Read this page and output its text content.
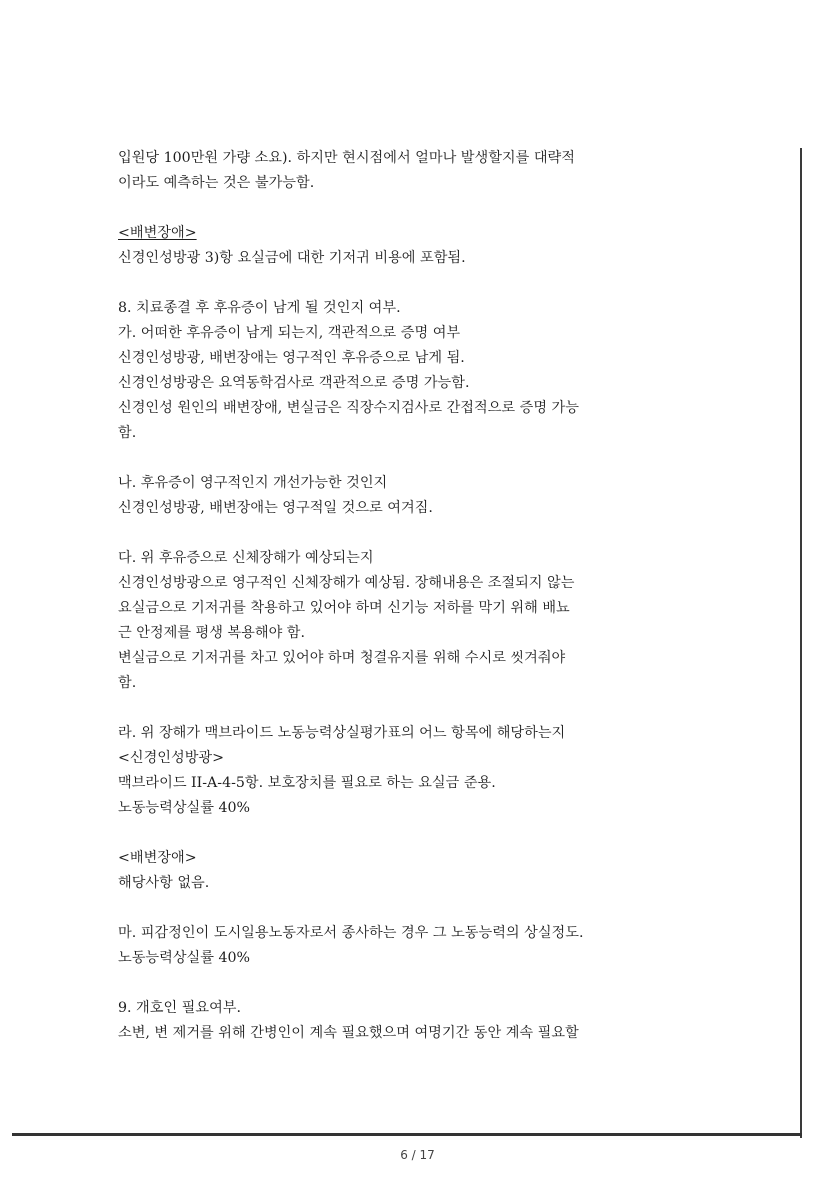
입원당 100만원 가량 소요). 하지만 현시점에서 얼마나 발생할지를 대략적

이라도 예측하는 것은 불가능함.

<배변장애>

신경인성방광 3)항 요실금에 대한 기저귀 비용에 포함됨.

8. 치료종결 후 후유증이 남게 될 것인지 여부.

가. 어떠한 후유증이 남게 되는지, 객관적으로 증명 여부

신경인성방광, 배변장애는 영구적인 후유증으로 남게 됨.

신경인성방광은 요역동학검사로 객관적으로 증명 가능함.

신경인성 원인의 배변장애, 변실금은 직장수지검사로 간접적으로 증명 가능

함.

나. 후유증이 영구적인지 개선가능한 것인지

신경인성방광, 배변장애는 영구적일 것으로 여겨짐.

다. 위 후유증으로 신체장해가 예상되는지

신경인성방광으로 영구적인 신체장해가 예상됨. 장해내용은 조절되지 않는

요실금으로 기저귀를 착용하고 있어야 하며 신기능 저하를 막기 위해 배뇨

근 안정제를 평생 복용해야 함.

변실금으로 기저귀를 차고 있어야 하며 청결유지를 위해 수시로 씻겨줘야

함.

라. 위 장해가 맥브라이드 노동능력상실평가표의 어느 항목에 해당하는지

<신경인성방광>

맥브라이드 II-A-4-5항. 보호장치를 필요로 하는 요실금 준용.

노동능력상실률 40%

<배변장애>

해당사항 없음.

마. 피감정인이 도시일용노동자로서 종사하는 경우 그 노동능력의 상실정도.

노동능력상실률 40%

9. 개호인 필요여부.

소변, 변 제거를 위해 간병인이 계속 필요했으며 여명기간 동안 계속 필요할

6 / 17
